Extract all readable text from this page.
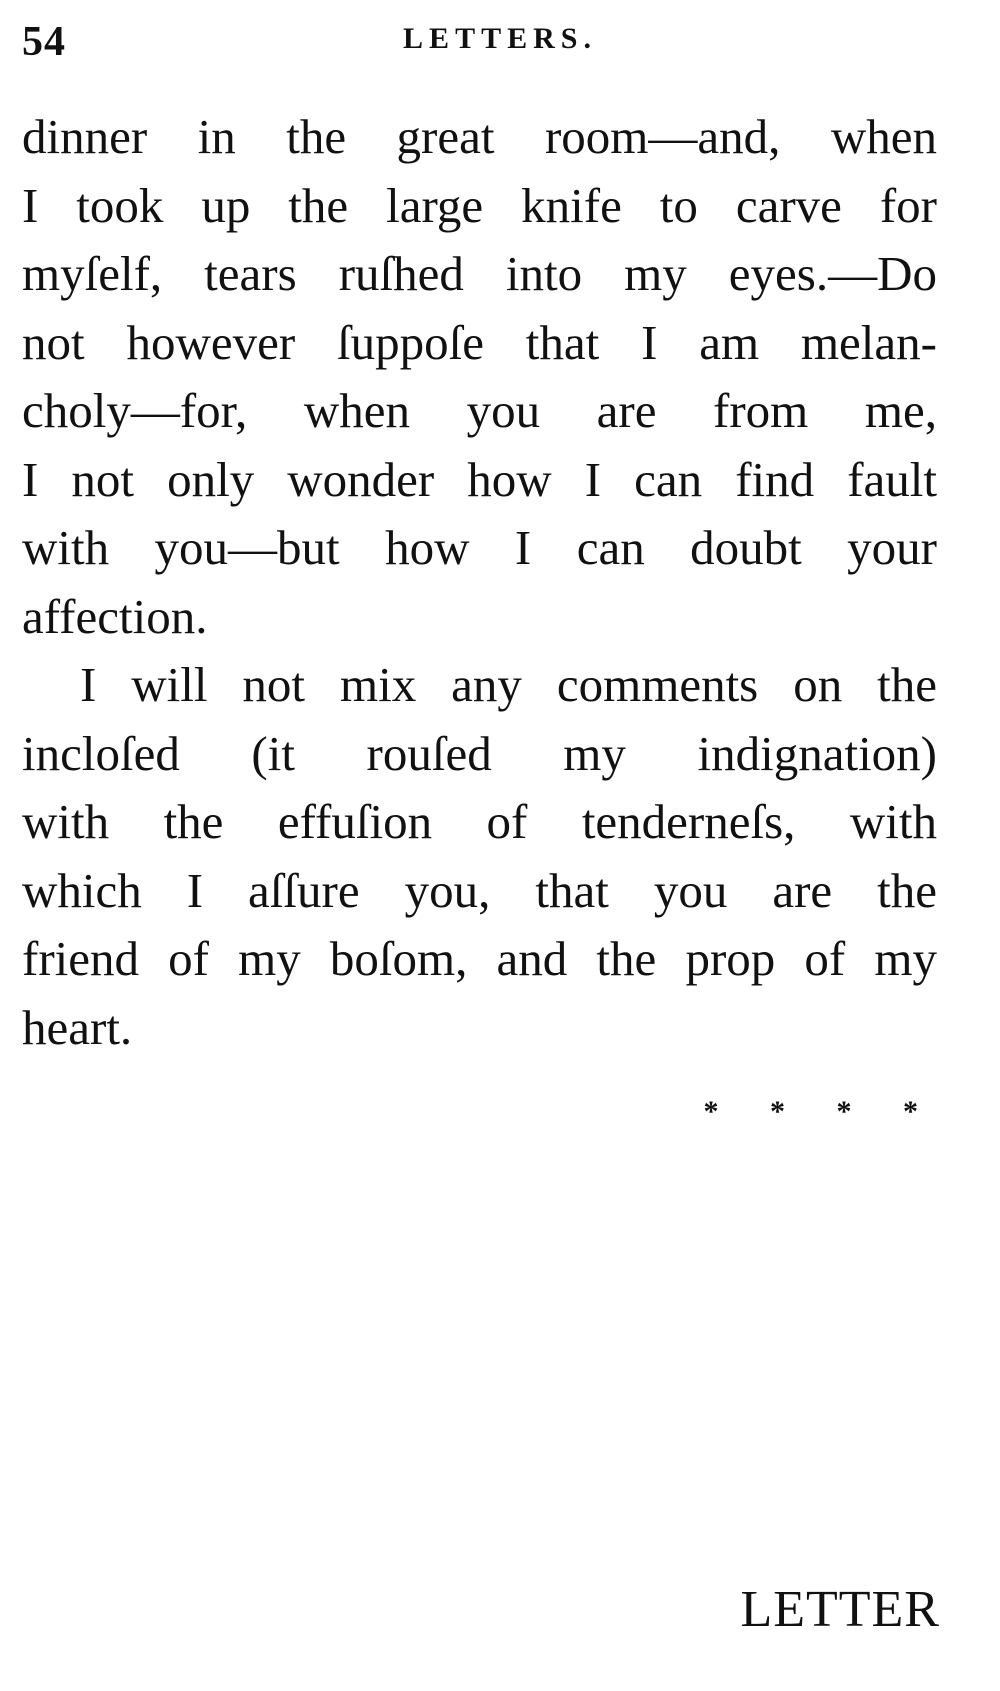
54	LETTERS.
dinner in the great room—and, when
I took up the large knife to carve for
myſelf, tears ruſhed into my eyes.—Do
not however ſuppoſe that I am melan-
choly—for, when you are from me,
I not only wonder how I can find fault
with you—but how I can doubt your
affection.
I will not mix any comments on the
incloſed (it rouſed my indignation)
with the effuſion of tenderneſs, with
which I aſſure you, that you are the
friend of my boſom, and the prop of my
heart.
* * * *
LETTER
